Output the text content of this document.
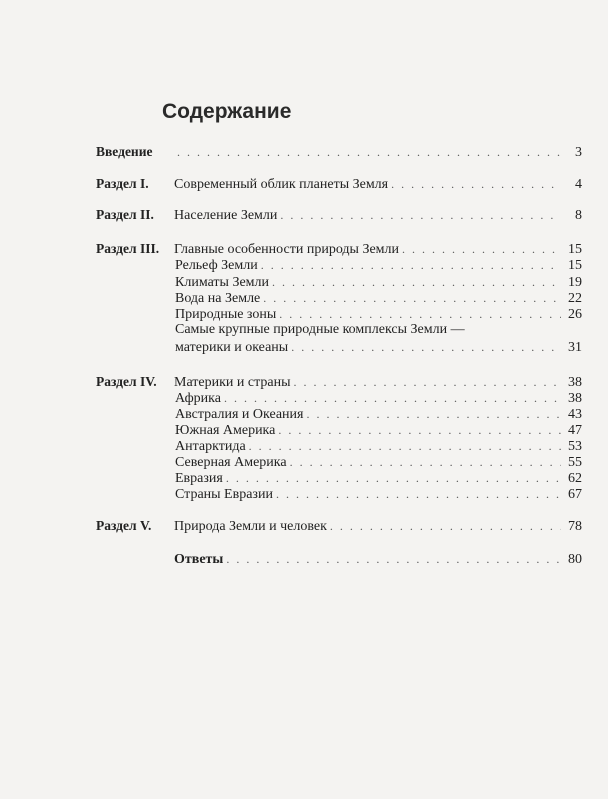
Содержание
Введение . . .	3
Раздел I. Современный облик планеты Земля . . .	4
Раздел II. Население Земли . . .	8
Раздел III. Главные особенности природы Земли . . .	15
Рельеф Земли . . .	15
Климаты Земли . . .	19
Вода на Земле . . .	22
Природные зоны . . .	26
Самые крупные природные комплексы Земли —
материки и океаны . . .	31
Раздел IV. Материки и страны . . .	38
Африка . . .	38
Австралия и Океания . . .	43
Южная Америка . . .	47
Антарктида . . .	53
Северная Америка . . .	55
Евразия . . .	62
Страны Евразии . . .	67
Раздел V. Природа Земли и человек . . .	78
Ответы . . .	80
